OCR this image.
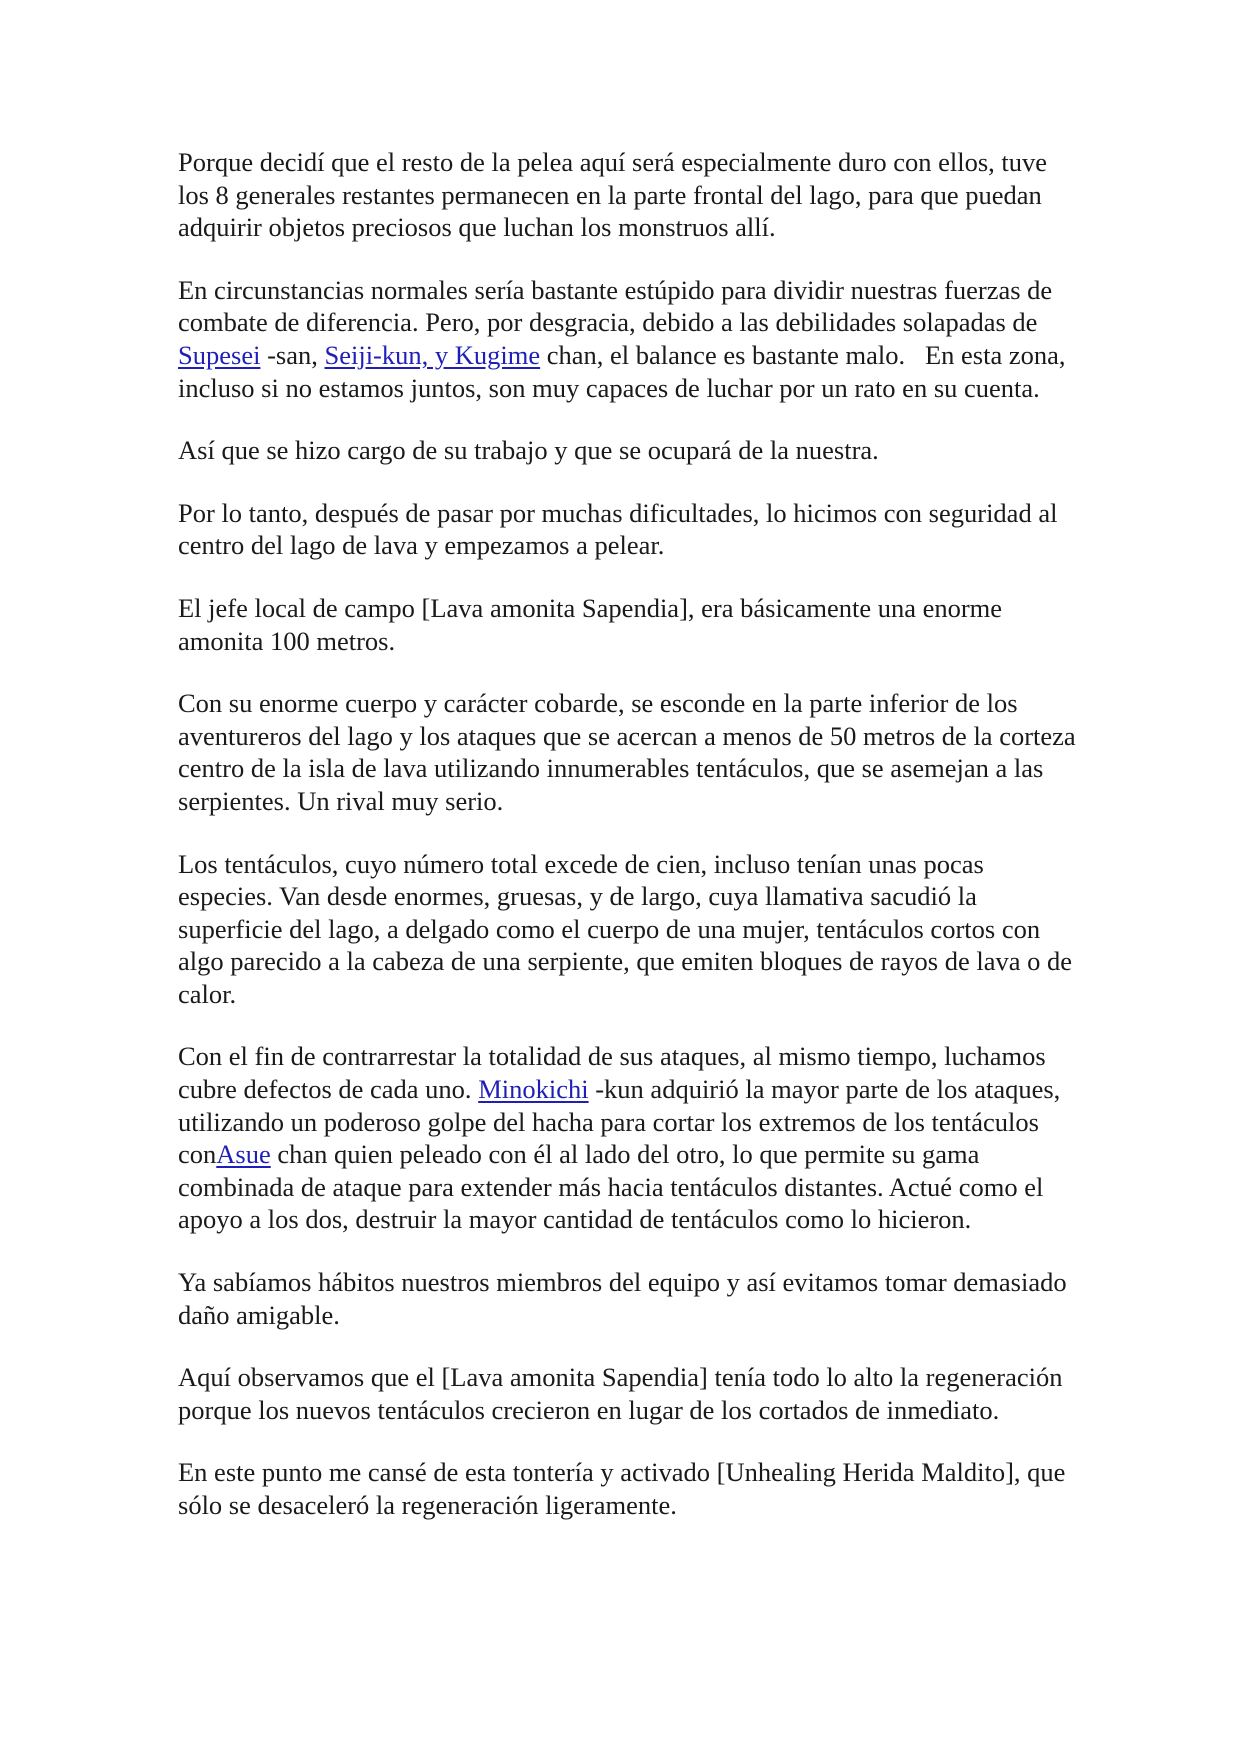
Porque decidí que el resto de la pelea aquí será especialmente duro con ellos, tuve los 8 generales restantes permanecen en la parte frontal del lago, para que puedan adquirir objetos preciosos que luchan los monstruos allí.

En circunstancias normales sería bastante estúpido para dividir nuestras fuerzas de combate de diferencia. Pero, por desgracia, debido a las debilidades solapadas de Supesei -san, Seiji-kun, y Kugime chan, el balance es bastante malo.   En esta zona, incluso si no estamos juntos, son muy capaces de luchar por un rato en su cuenta.

Así que se hizo cargo de su trabajo y que se ocupará de la nuestra.

Por lo tanto, después de pasar por muchas dificultades, lo hicimos con seguridad al centro del lago de lava y empezamos a pelear.

El jefe local de campo [Lava amonita Sapendia], era básicamente una enorme amonita 100 metros.

Con su enorme cuerpo y carácter cobarde, se esconde en la parte inferior de los aventureros del lago y los ataques que se acercan a menos de 50 metros de la corteza centro de la isla de lava utilizando innumerables tentáculos, que se asemejan a las serpientes. Un rival muy serio.

Los tentáculos, cuyo número total excede de cien, incluso tenían unas pocas especies. Van desde enormes, gruesas, y de largo, cuya llamativa sacudió la superficie del lago, a delgado como el cuerpo de una mujer, tentáculos cortos con algo parecido a la cabeza de una serpiente, que emiten bloques de rayos de lava o de calor.

Con el fin de contrarrestar la totalidad de sus ataques, al mismo tiempo, luchamos cubre defectos de cada uno. Minokichi -kun adquirió la mayor parte de los ataques, utilizando un poderoso golpe del hacha para cortar los extremos de los tentáculos conAsue chan quien peleado con él al lado del otro, lo que permite su gama combinada de ataque para extender más hacia tentáculos distantes. Actué como el apoyo a los dos, destruir la mayor cantidad de tentáculos como lo hicieron.

Ya sabíamos hábitos nuestros miembros del equipo y así evitamos tomar demasiado daño amigable.

Aquí observamos que el [Lava amonita Sapendia] tenía todo lo alto la regeneración porque los nuevos tentáculos crecieron en lugar de los cortados de inmediato.

En este punto me cansé de esta tontería y activado [Unhealing Herida Maldito], que sólo se desaceleró la regeneración ligeramente.
